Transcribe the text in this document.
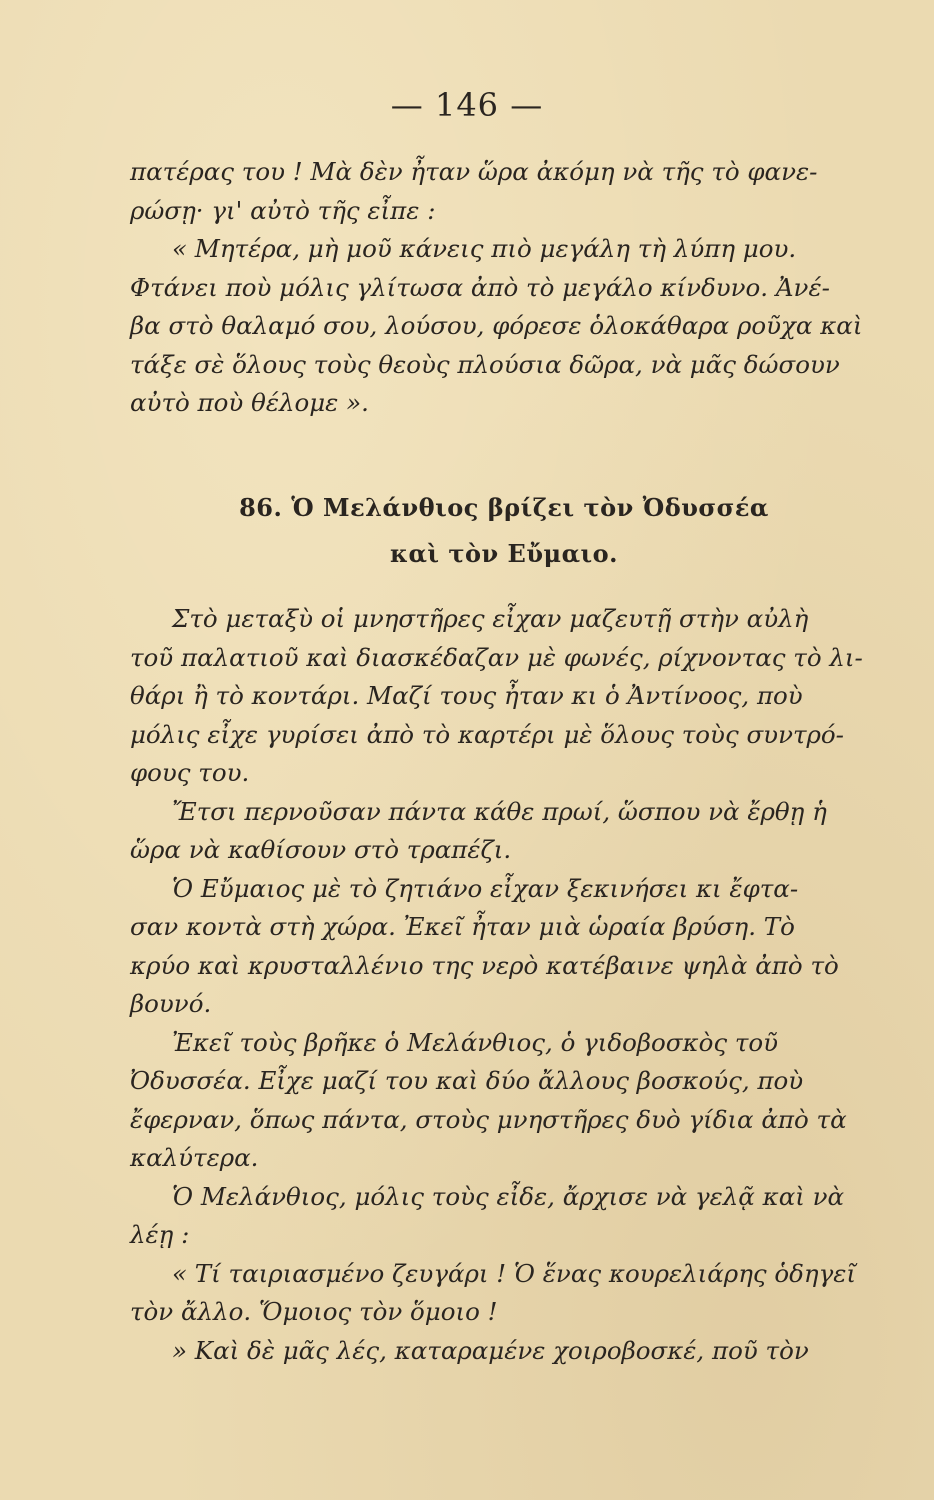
— 146 —

πατέρας του ! Μὰ δὲν ἦταν ὥρα ἀκόμη νὰ τῆς τὸ φανε-

ρώσῃ· γι' αὐτὸ τῆς εἶπε :

« Μητέρα, μὴ μοῦ κάνεις πιὸ μεγάλη τὴ λύπη μου.

Φτάνει ποὺ μόλις γλίτωσα ἀπὸ τὸ μεγάλο κίνδυνο. Ἀνέ-

βα στὸ θαλαμό σου, λούσου, φόρεσε ὁλοκάθαρα ροῦχα καὶ

τάξε σὲ ὅλους τοὺς θεοὺς πλούσια δῶρα, νὰ μᾶς δώσουν

αὐτὸ ποὺ θέλομε ».

86. Ὁ Μελάνθιος βρίζει τὸν Ὀδυσσέα
καὶ τὸν Εὔμαιο.

Στὸ μεταξὺ οἱ μνηστῆρες εἶχαν μαζευτῇ στὴν αὐλὴ

τοῦ παλατιοῦ καὶ διασκέδαζαν μὲ φωνές, ρίχνοντας τὸ λι-

θάρι ἢ τὸ κοντάρι. Μαζί τους ἦταν κι ὁ Ἀντίνοος, ποὺ

μόλις εἶχε γυρίσει ἀπὸ τὸ καρτέρι μὲ ὅλους τοὺς συντρό-

φους του.

Ἔτσι περνοῦσαν πάντα κάθε πρωί, ὥσπου νὰ ἔρθῃ ἡ

ὥρα νὰ καθίσουν στὸ τραπέζι.

Ὁ Εὔμαιος μὲ τὸ ζητιάνο εἶχαν ξεκινήσει κι ἔφτα-

σαν κοντὰ στὴ χώρα. Ἐκεῖ ἦταν μιὰ ὡραία βρύση. Τὸ

κρύο καὶ κρυσταλλένιο της νερὸ κατέβαινε ψηλὰ ἀπὸ τὸ

βουνό.

Ἐκεῖ τοὺς βρῆκε ὁ Μελάνθιος, ὁ γιδοβοσκὸς τοῦ

Ὀδυσσέα. Εἶχε μαζί του καὶ δύο ἄλλους βοσκούς, ποὺ

ἔφερναν, ὅπως πάντα, στοὺς μνηστῆρες δυὸ γίδια ἀπὸ τὰ

καλύτερα.

Ὁ Μελάνθιος, μόλις τοὺς εἶδε, ἄρχισε νὰ γελᾷ καὶ νὰ

λέῃ :

« Τί ταιριασμένο ζευγάρι ! Ὁ ἕνας κουρελιάρης ὁδηγεῖ

τὸν ἄλλο. Ὅμοιος τὸν ὅμοιο !

» Καὶ δὲ μᾶς λές, καταραμένε χοιροβοσκέ, ποῦ τὸν
